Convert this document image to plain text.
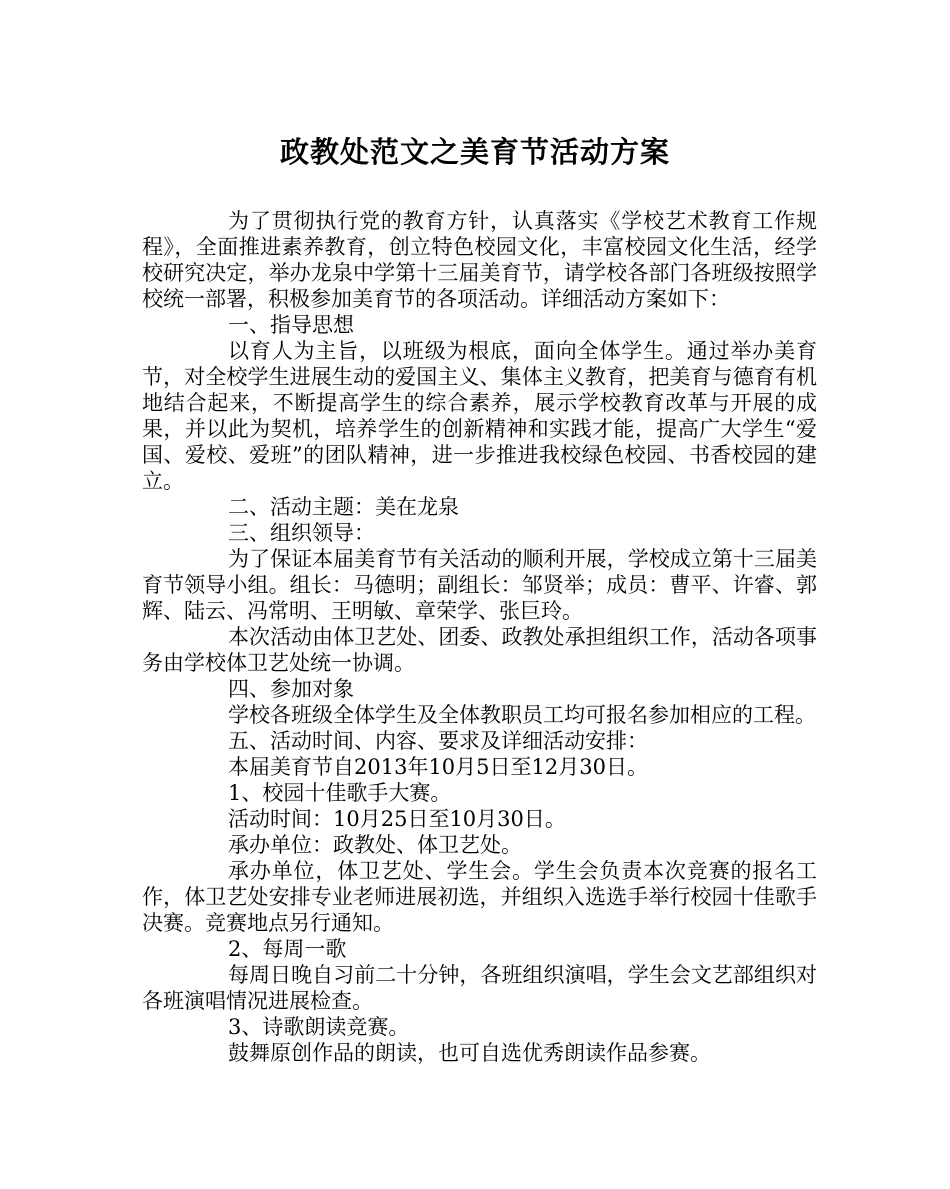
政教处范文之美育节活动方案

为了贯彻执行党的教育方针，认真落实《学校艺术教育工作规程》，全面推进素养教育，创立特色校园文化，丰富校园文化生活，经学校研究决定，举办龙泉中学第十三届美育节，请学校各部门各班级按照学校统一部署，积极参加美育节的各项活动。详细活动方案如下：

一、指导思想

以育人为主旨，以班级为根底，面向全体学生。通过举办美育节，对全校学生进展生动的爱国主义、集体主义教育，把美育与德育有机地结合起来，不断提高学生的综合素养，展示学校教育改革与开展的成果，并以此为契机，培养学生的创新精神和实践才能，提高广大学生“爱国、爱校、爱班”的团队精神，进一步推进我校绿色校园、书香校园的建立。

二、活动主题：美在龙泉

三、组织领导：

为了保证本届美育节有关活动的顺利开展，学校成立第十三届美育节领导小组。组长：马德明；副组长：邹贤举；成员：曹平、许睿、郭辉、陆云、冯常明、王明敏、章荣学、张巨玲。

本次活动由体卫艺处、团委、政教处承担组织工作，活动各项事务由学校体卫艺处统一协调。

四、参加对象

学校各班级全体学生及全体教职员工均可报名参加相应的工程。

五、活动时间、内容、要求及详细活动安排：

本届美育节自2013年10月5日至12月30日。

1、校园十佳歌手大赛。

活动时间：10月25日至10月30日。

承办单位：政教处、体卫艺处。

承办单位，体卫艺处、学生会。学生会负责本次竞赛的报名工作，体卫艺处安排专业老师进展初选，并组织入选选手举行校园十佳歌手决赛。竞赛地点另行通知。

2、每周一歌

每周日晚自习前二十分钟，各班组织演唱，学生会文艺部组织对各班演唱情况进展检查。

3、诗歌朗读竞赛。

鼓舞原创作品的朗读，也可自选优秀朗读作品参赛。
